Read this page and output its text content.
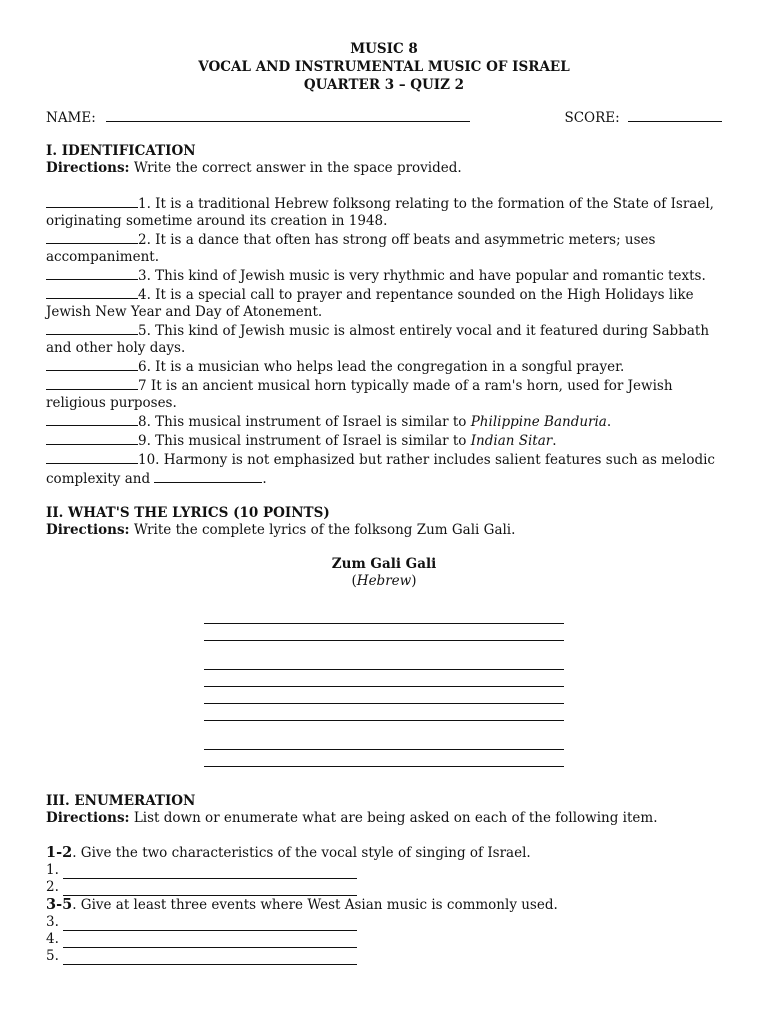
MUSIC 8
VOCAL AND INSTRUMENTAL MUSIC OF ISRAEL
QUARTER 3 – QUIZ 2
NAME:	SCORE:
I. IDENTIFICATION
Directions: Write the correct answer in the space provided.
1. It is a traditional Hebrew folksong relating to the formation of the State of Israel, originating sometime around its creation in 1948.
2. It is a dance that often has strong off beats and asymmetric meters; uses accompaniment.
3. This kind of Jewish music is very rhythmic and have popular and romantic texts.
4. It is a special call to prayer and repentance sounded on the High Holidays like Jewish New Year and Day of Atonement.
5. This kind of Jewish music is almost entirely vocal and it featured during Sabbath and other holy days.
6. It is a musician who helps lead the congregation in a songful prayer.
7 It is an ancient musical horn typically made of a ram's horn, used for Jewish religious purposes.
8. This musical instrument of Israel is similar to Philippine Banduria.
9. This musical instrument of Israel is similar to Indian Sitar.
10. Harmony is not emphasized but rather includes salient features such as melodic complexity and	.
II. WHAT'S THE LYRICS (10 POINTS)
Directions: Write the complete lyrics of the folksong Zum Gali Gali.
Zum Gali Gali
(Hebrew)
III. ENUMERATION
Directions: List down or enumerate what are being asked on each of the following item.
1-2. Give the two characteristics of the vocal style of singing of Israel.
1.
2.
3-5. Give at least three events where West Asian music is commonly used.
3.
4.
5.
